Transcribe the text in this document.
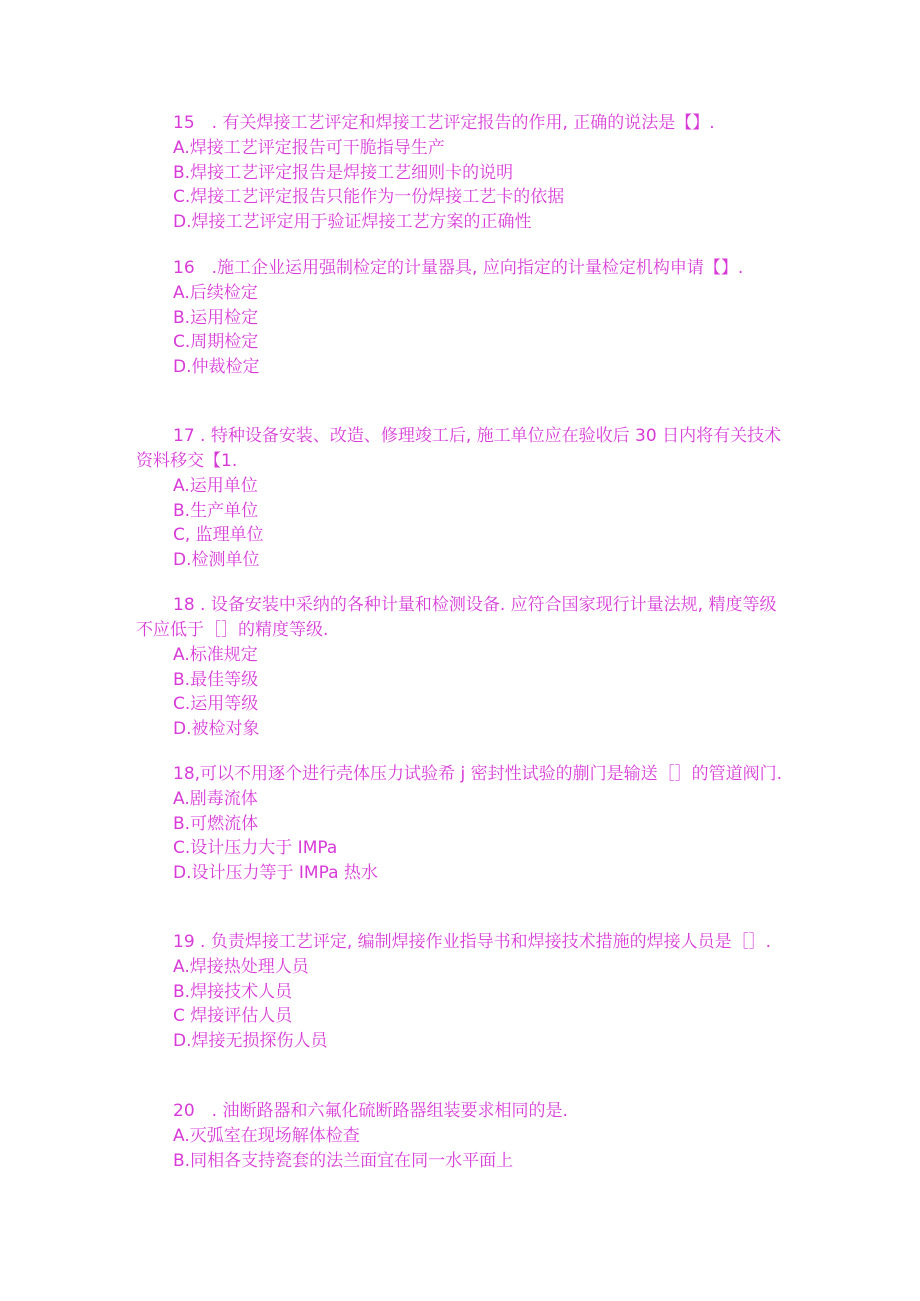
15　. 有关焊接工艺评定和焊接工艺评定报告的作用, 正确的说法是【】.

A.焊接工艺评定报告可干脆指导生产
B.焊接工艺评定报告是焊接工艺细则卡的说明
C.焊接工艺评定报告只能作为一份焊接工艺卡的依据
D.焊接工艺评定用于验证焊接工艺方案的正确性

16　.施工企业运用强制检定的计量器具, 应向指定的计量检定机构申请【】.

A.后续检定
B.运用检定
C.周期检定
D.仲裁检定

17 . 特种设备安装、改造、修理竣工后, 施工单位应在验收后 30 日内将有关技术资料移交【1.

A.运用单位
B.生产单位
C, 监理单位
D.检测单位

18 . 设备安装中采纳的各种计量和检测设备. 应符合国家现行计量法规, 精度等级不应低于［］的精度等级.

A.标准规定
B.最佳等级
C.运用等级
D.被检对象

18,可以不用逐个进行壳体压力试验希 j 密封性试验的蒯门是输送［］的管道阀门.

A.剧毒流体
B.可燃流体
C.设计压力大于 IMPa
D.设计压力等于 IMPa 热水

19 . 负责焊接工艺评定, 编制焊接作业指导书和焊接技术措施的焊接人员是［］.

A.焊接热处理人员
B.焊接技术人员
C 焊接评估人员
D.焊接无损探伤人员

20　. 油断路器和六氟化硫断路器组装要求相同的是.

A.灭弧室在现场解体检查
B.同相各支持瓷套的法兰面宜在同一水平面上
